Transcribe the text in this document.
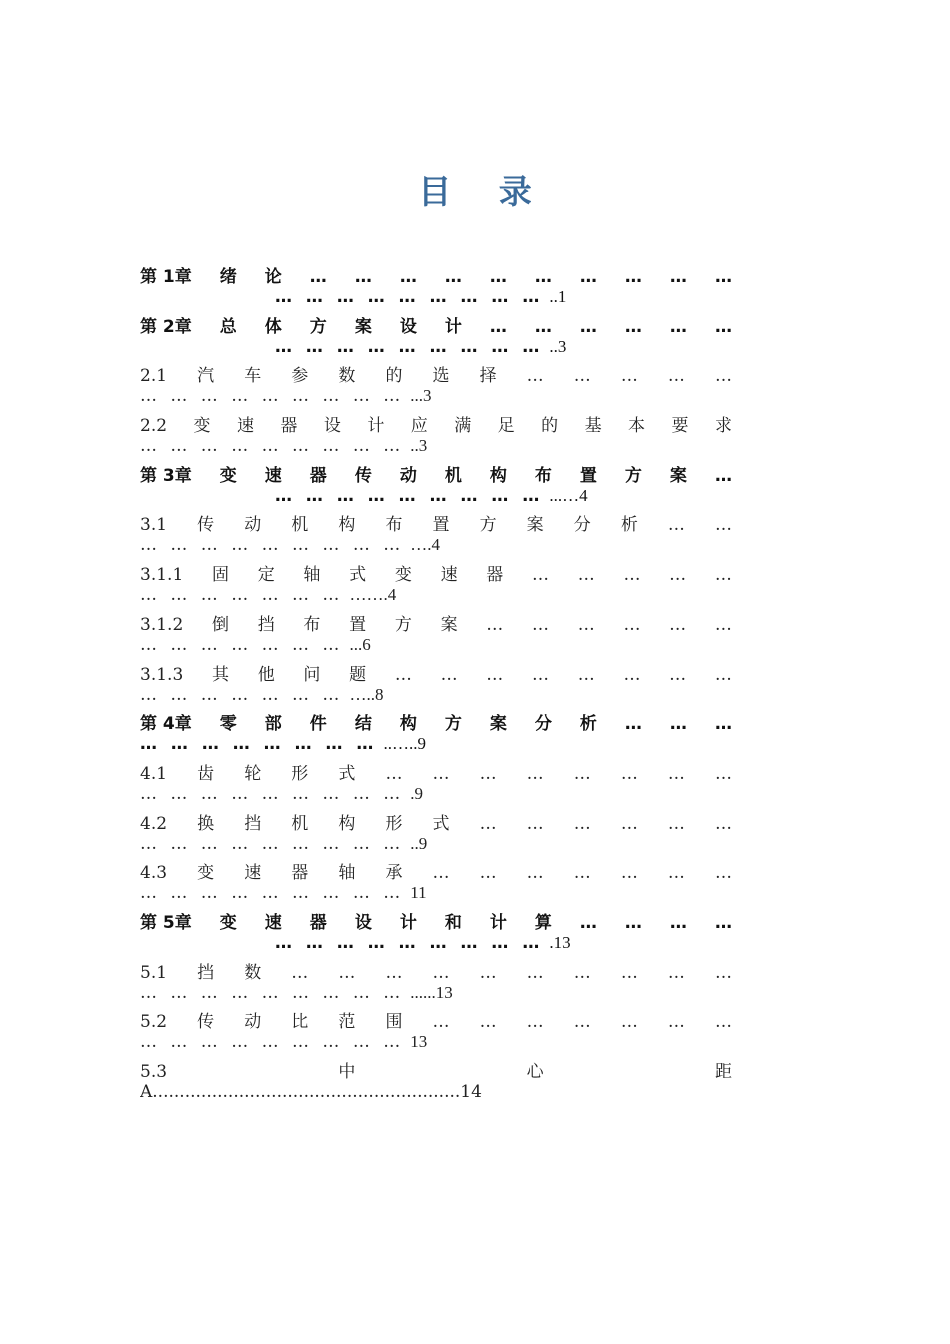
目 录
第 1章 绪 论 … … … … … … … … … …
… … … … … … … … … ..1
第 2章 总 体 方 案 设 计 … … … … … …
… … … … … … … … … ..3
2.1 汽 车 参 数 的 选 择 … … … … …
… … … … … … … … … ...3
2.2 变 速 器 设 计 应 满 足 的 基 本 要 求
… … … … … … … … … ..3
第 3章 变 速 器 传 动 机 构 布 置 方 案 …
… … … … … … … … … ...…4
3.1 传 动 机 构 布 置 方 案 分 析 … …
… … … … … … … … … ….4
3.1.1 固 定 轴 式 变 速 器 … … … … …
… … … … … … … …….4
3.1.2 倒 挡 布 置 方 案 … … … … … …
… … … … … … … ...6
3.1.3 其 他 问 题 … … … … … … … …
… … … … … … … …..8
第 4章 零 部 件 结 构 方 案 分 析 … … …
… … … … … … … … ..…..9
4.1 齿 轮 形 式 … … … … … … … …
… … … … … … … … … .9
4.2 换 挡 机 构 形 式 … … … … … …
… … … … … … … … … ..9
4.3 变 速 器 轴 承 … … … … … … …
… … … … … … … … … 11
第 5章 变 速 器 设 计 和 计 算 … … … …
… … … … … … … … … .13
5.1 挡 数 … … … … … … … … … …
… … … … … … … … … ......13
5.2 传 动 比 范 围 … … … … … … …
… … … … … … … … … 13
5.3	中	心	距
A.........................................................14
